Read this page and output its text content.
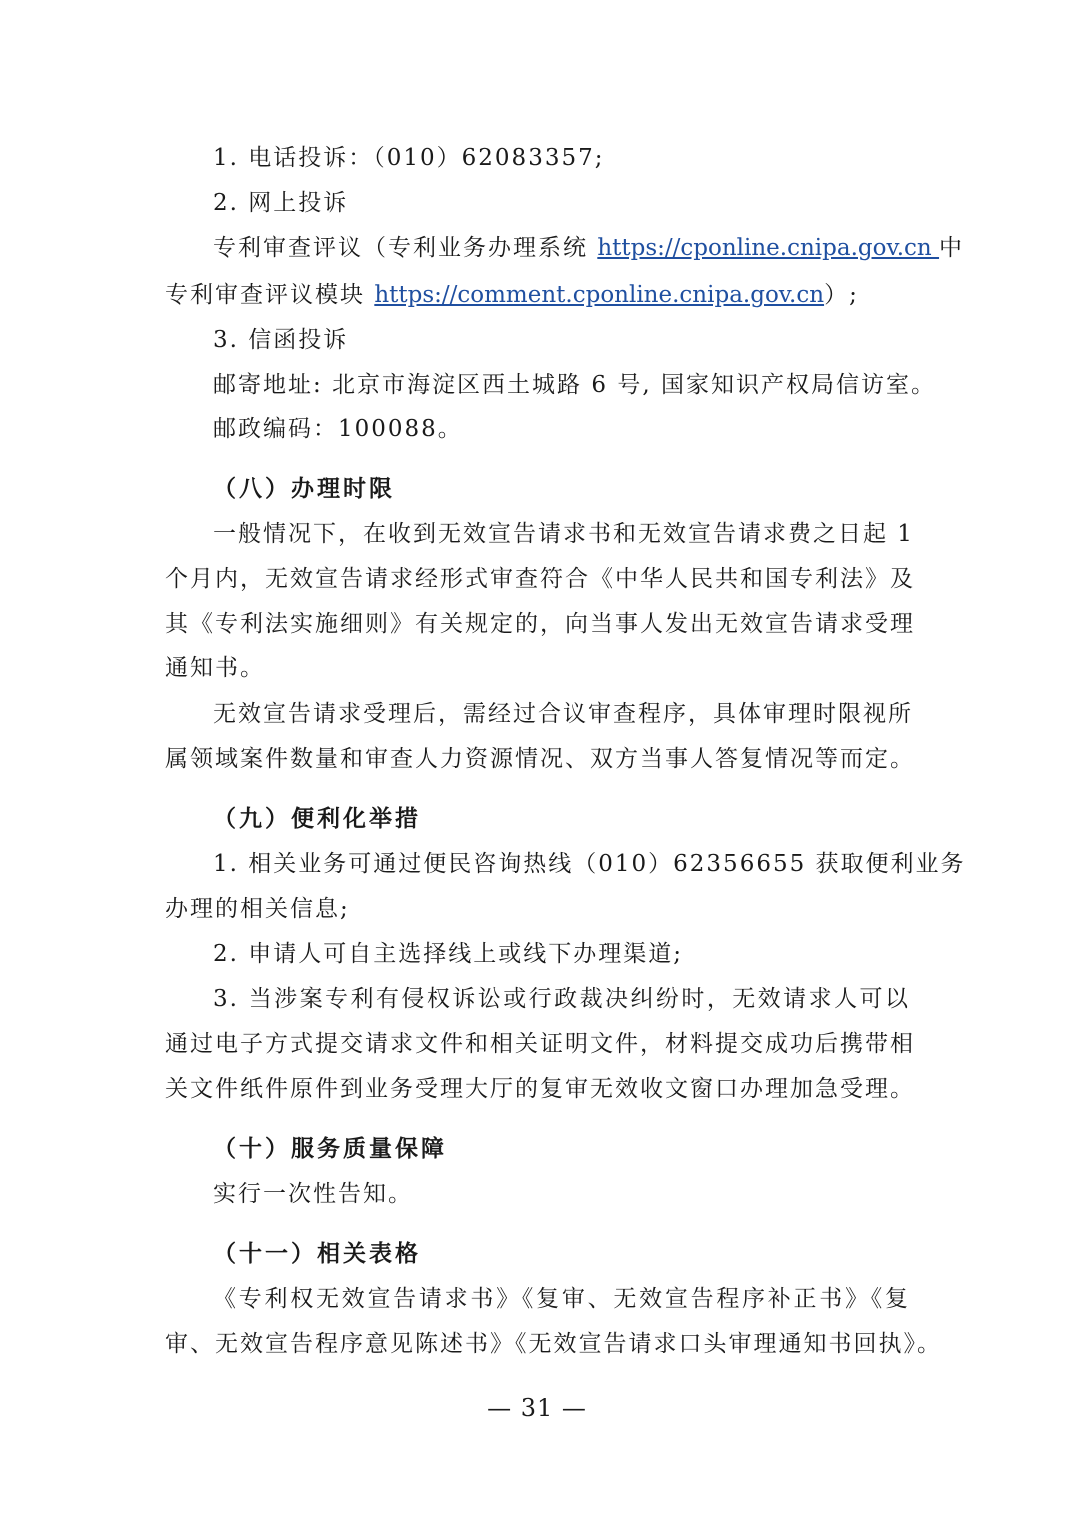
1. 电话投诉：（010）62083357;
2. 网上投诉
专利审查评议（专利业务办理系统 https://cponline.cnipa.gov.cn 中
专利审查评议模块 https://comment.cponline.cnipa.gov.cn）;
3. 信函投诉
邮寄地址: 北京市海淀区西土城路 6 号, 国家知识产权局信访室。
邮政编码：100088。
（八）办理时限
一般情况下，在收到无效宣告请求书和无效宣告请求费之日起 1
个月内，无效宣告请求经形式审查符合《中华人民共和国专利法》及
其《专利法实施细则》有关规定的，向当事人发出无效宣告请求受理
通知书。
无效宣告请求受理后，需经过合议审查程序，具体审理时限视所
属领域案件数量和审查人力资源情况、双方当事人答复情况等而定。
（九）便利化举措
1. 相关业务可通过便民咨询热线（010）62356655 获取便利业务
办理的相关信息;
2. 申请人可自主选择线上或线下办理渠道;
3. 当涉案专利有侵权诉讼或行政裁决纠纷时，无效请求人可以
通过电子方式提交请求文件和相关证明文件，材料提交成功后携带相
关文件纸件原件到业务受理大厅的复审无效收文窗口办理加急受理。
（十）服务质量保障
实行一次性告知。
（十一）相关表格
《专利权无效宣告请求书》《复审、无效宣告程序补正书》《复
审、无效宣告程序意见陈述书》《无效宣告请求口头审理通知书回执》。
— 31 —
